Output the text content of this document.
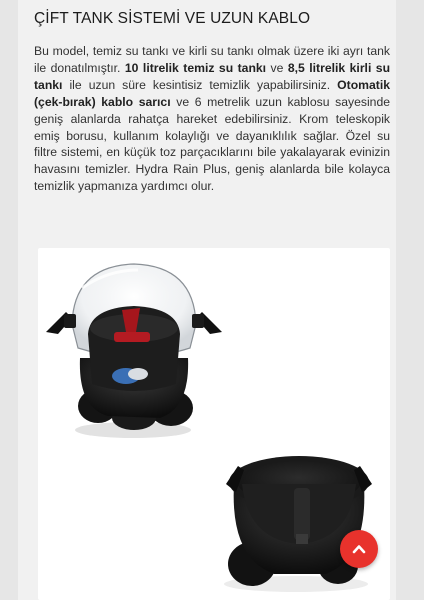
ÇİFT TANK SİSTEMİ VE UZUN KABLO

Bu model, temiz su tankı ve kirli su tankı olmak üzere iki ayrı tank ile donatılmıştır. 10 litrelik temiz su tankı ve 8,5 litrelik kirli su tankı ile uzun süre kesintisiz temizlik yapabilirsiniz. Otomatik (çek-bırak) kablo sarıcı ve 6 metrelik uzun kablosu sayesinde geniş alanlarda rahatça hareket edebilirsiniz. Krom teleskopik emiş borusu, kullanım kolaylığı ve dayanıklılık sağlar. Özel su filtre sistemi, en küçük toz parçacıklarını bile yakalayarak evinizin havasını temizler. Hydra Rain Plus, geniş alanlarda bile kolayca temizlik yapmanıza yardımcı olur.
